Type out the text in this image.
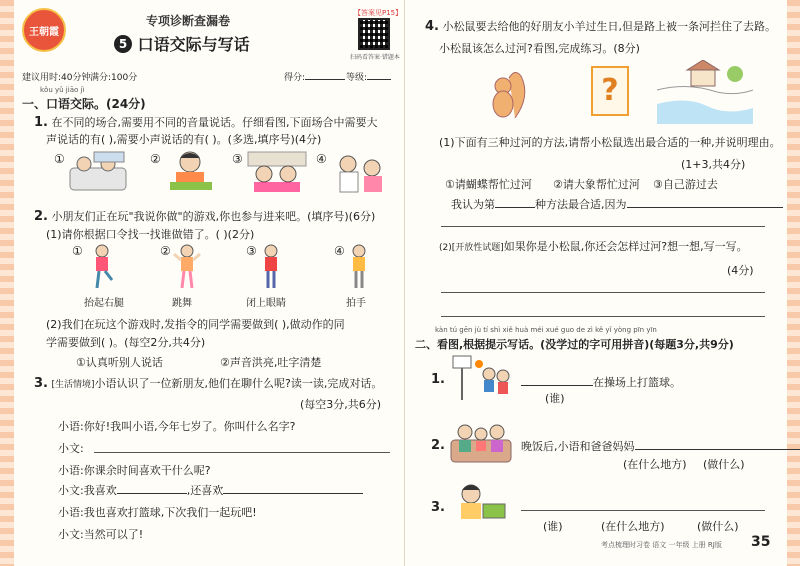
王朝霞
专项诊断查漏卷
5 口语交际与写话
【答案见P15】
扫码看答案·错题本
建议用时:40分钟 满分:100分	得分:	等级:
kǒu yǔ jiāo jì
一、口语交际。(24分)
1. 在不同的场合,需要用不同的音量说话。仔细看图,下面场合中需要大
声说话的有( ),需要小声说话的有( )。(多选,填序号)(4分)
①	②	③	④
2. 小朋友们正在玩"我说你做"的游戏,你也参与进来吧。(填序号)(6分)
(1)请你根据口令找一找谁做错了。( )(2分)
①	②	③	④
抬起右腿	跳舞	闭上眼睛	拍手
(2)我们在玩这个游戏时,发指令的同学需要做到( ),做动作的同
学需要做到( )。(每空2分,共4分)
①认真听别人说话	②声音洪亮,吐字清楚
3. [生活情境]小语认识了一位新朋友,他们在聊什么呢?读一读,完成对话。
(每空3分,共6分)
小语:你好!我叫小语,今年七岁了。你叫什么名字?
小文:
小语:你课余时间喜欢干什么呢?
小文:我喜欢	,还喜欢
小语:我也喜欢打篮球,下次我们一起玩吧!
小文:当然可以了!
4. 小松鼠要去给他的好朋友小羊过生日,但是路上被一条河拦住了去路。
小松鼠该怎么过河?看图,完成练习。(8分)
?
(1)下面有三种过河的方法,请帮小松鼠选出最合适的一种,并说明理由。
(1+3,共4分)
①请蝴蝶帮忙过河 ②请大象帮忙过河 ③自己游过去
我认为第	种方法最合适,因为
(2)[开放性试题]如果你是小松鼠,你还会怎样过河?想一想,写一写。
(4分)
kàn tú gēn jù tí shì xiě huà méi xué guo de zì kě yǐ yòng pīn yīn
二、看图,根据提示写话。(没学过的字可用拼音)(每题3分,共9分)
1.	在操场上打篮球。
(谁)
2.	晚饭后,小语和爸爸妈妈
(在什么地方) (做什么)
3.
(谁)	(在什么地方)	(做什么)
考点梳理时习卷 语文 一年级 上册 RJ版 35
